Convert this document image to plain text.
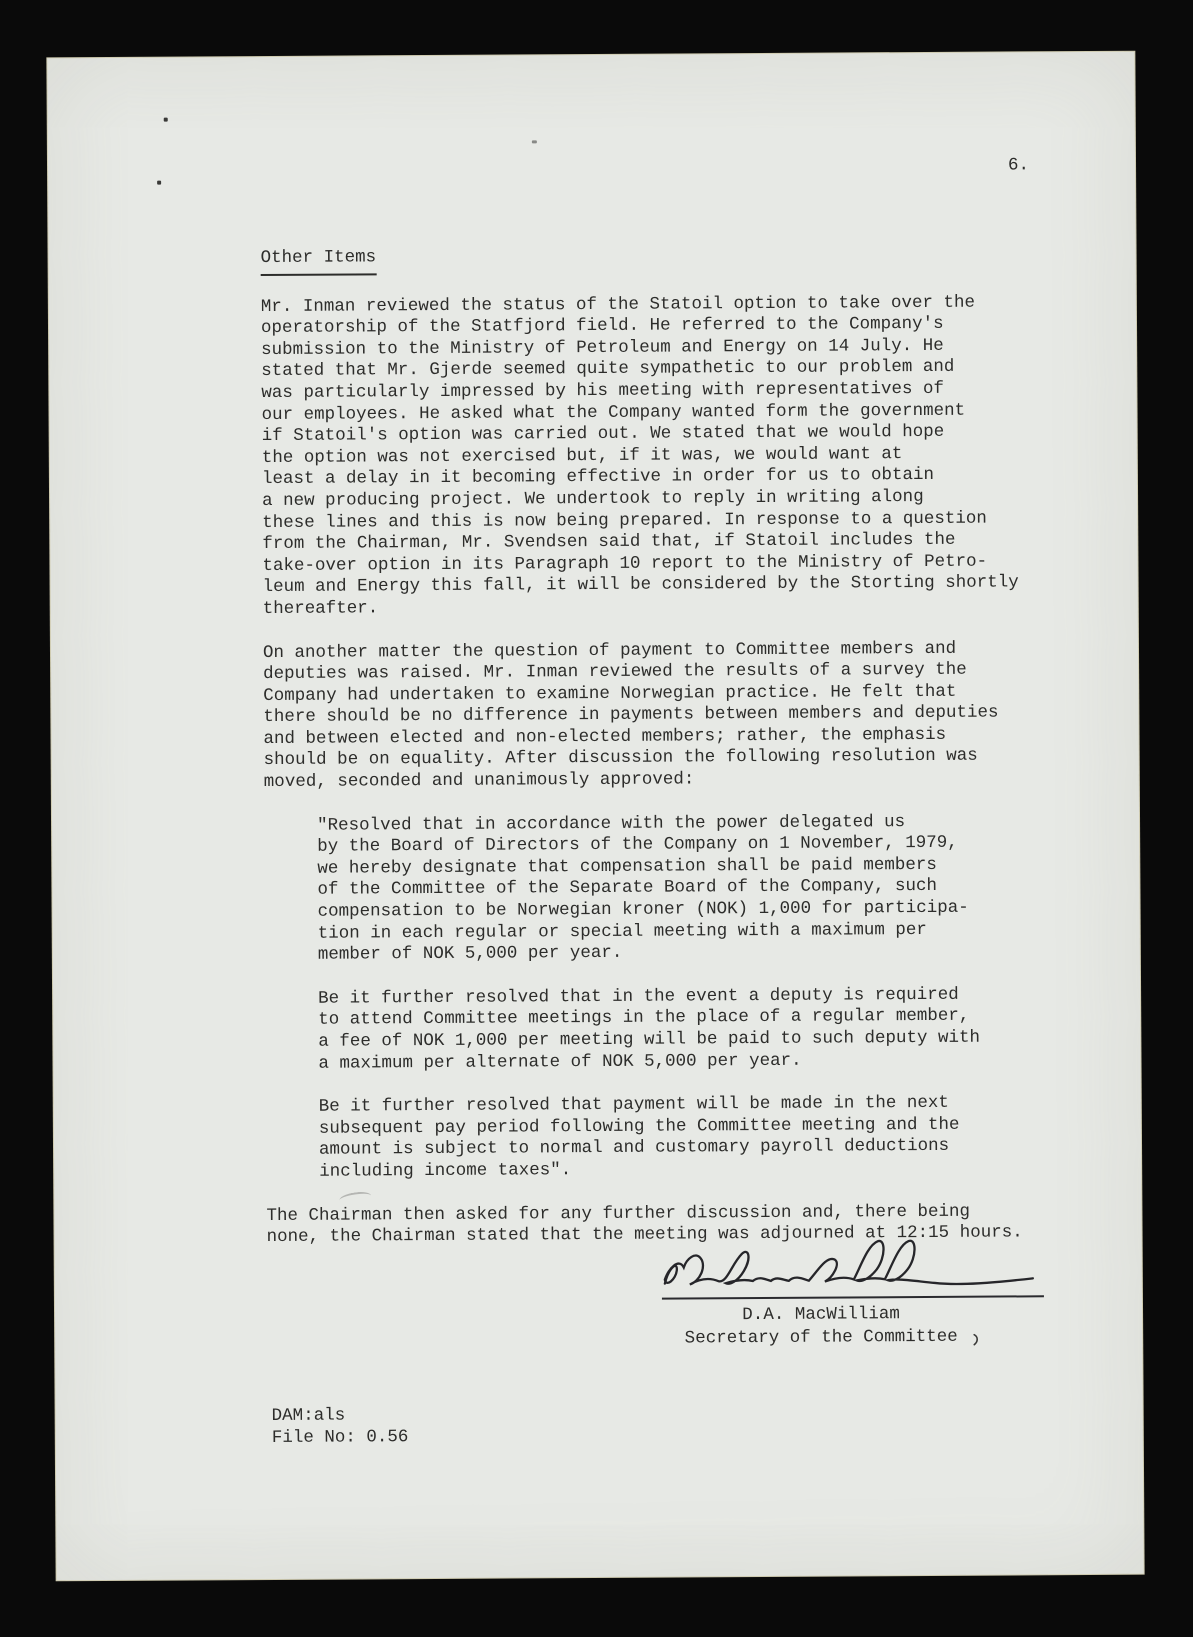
6.
Other Items
Mr. Inman reviewed the status of the Statoil option to take over the
operatorship of the Statfjord field. He referred to the Company's
submission to the Ministry of Petroleum and Energy on 14 July. He
stated that Mr. Gjerde seemed quite sympathetic to our problem and
was particularly impressed by his meeting with representatives of
our employees. He asked what the Company wanted form the government
if Statoil's option was carried out. We stated that we would hope
the option was not exercised but, if it was, we would want at
least a delay in it becoming effective in order for us to obtain
a new producing project. We undertook to reply in writing along
these lines and this is now being prepared. In response to a question
from the Chairman, Mr. Svendsen said that, if Statoil includes the
take-over option in its Paragraph 10 report to the Ministry of Petro-
leum and Energy this fall, it will be considered by the Storting shortly
thereafter.
On another matter the question of payment to Committee members and
deputies was raised. Mr. Inman reviewed the results of a survey the
Company had undertaken to examine Norwegian practice. He felt that
there should be no difference in payments between members and deputies
and between elected and non-elected members; rather, the emphasis
should be on equality. After discussion the following resolution was
moved, seconded and unanimously approved:
"Resolved that in accordance with the power delegated us
by the Board of Directors of the Company on 1 November, 1979,
we hereby designate that compensation shall be paid members
of the Committee of the Separate Board of the Company, such
compensation to be Norwegian kroner (NOK) 1,000 for participa-
tion in each regular or special meeting with a maximum per
member of NOK 5,000 per year.
Be it further resolved that in the event a deputy is required
to attend Committee meetings in the place of a regular member,
a fee of NOK 1,000 per meeting will be paid to such deputy with
a maximum per alternate of NOK 5,000 per year.
Be it further resolved that payment will be made in the next
subsequent pay period following the Committee meeting and the
amount is subject to normal and customary payroll deductions
including income taxes".
The Chairman then asked for any further discussion and, there being
none, the Chairman stated that the meeting was adjourned at 12:15 hours.
D.A. MacWilliam
Secretary of the Committee
DAM:als
File No: 0.56
